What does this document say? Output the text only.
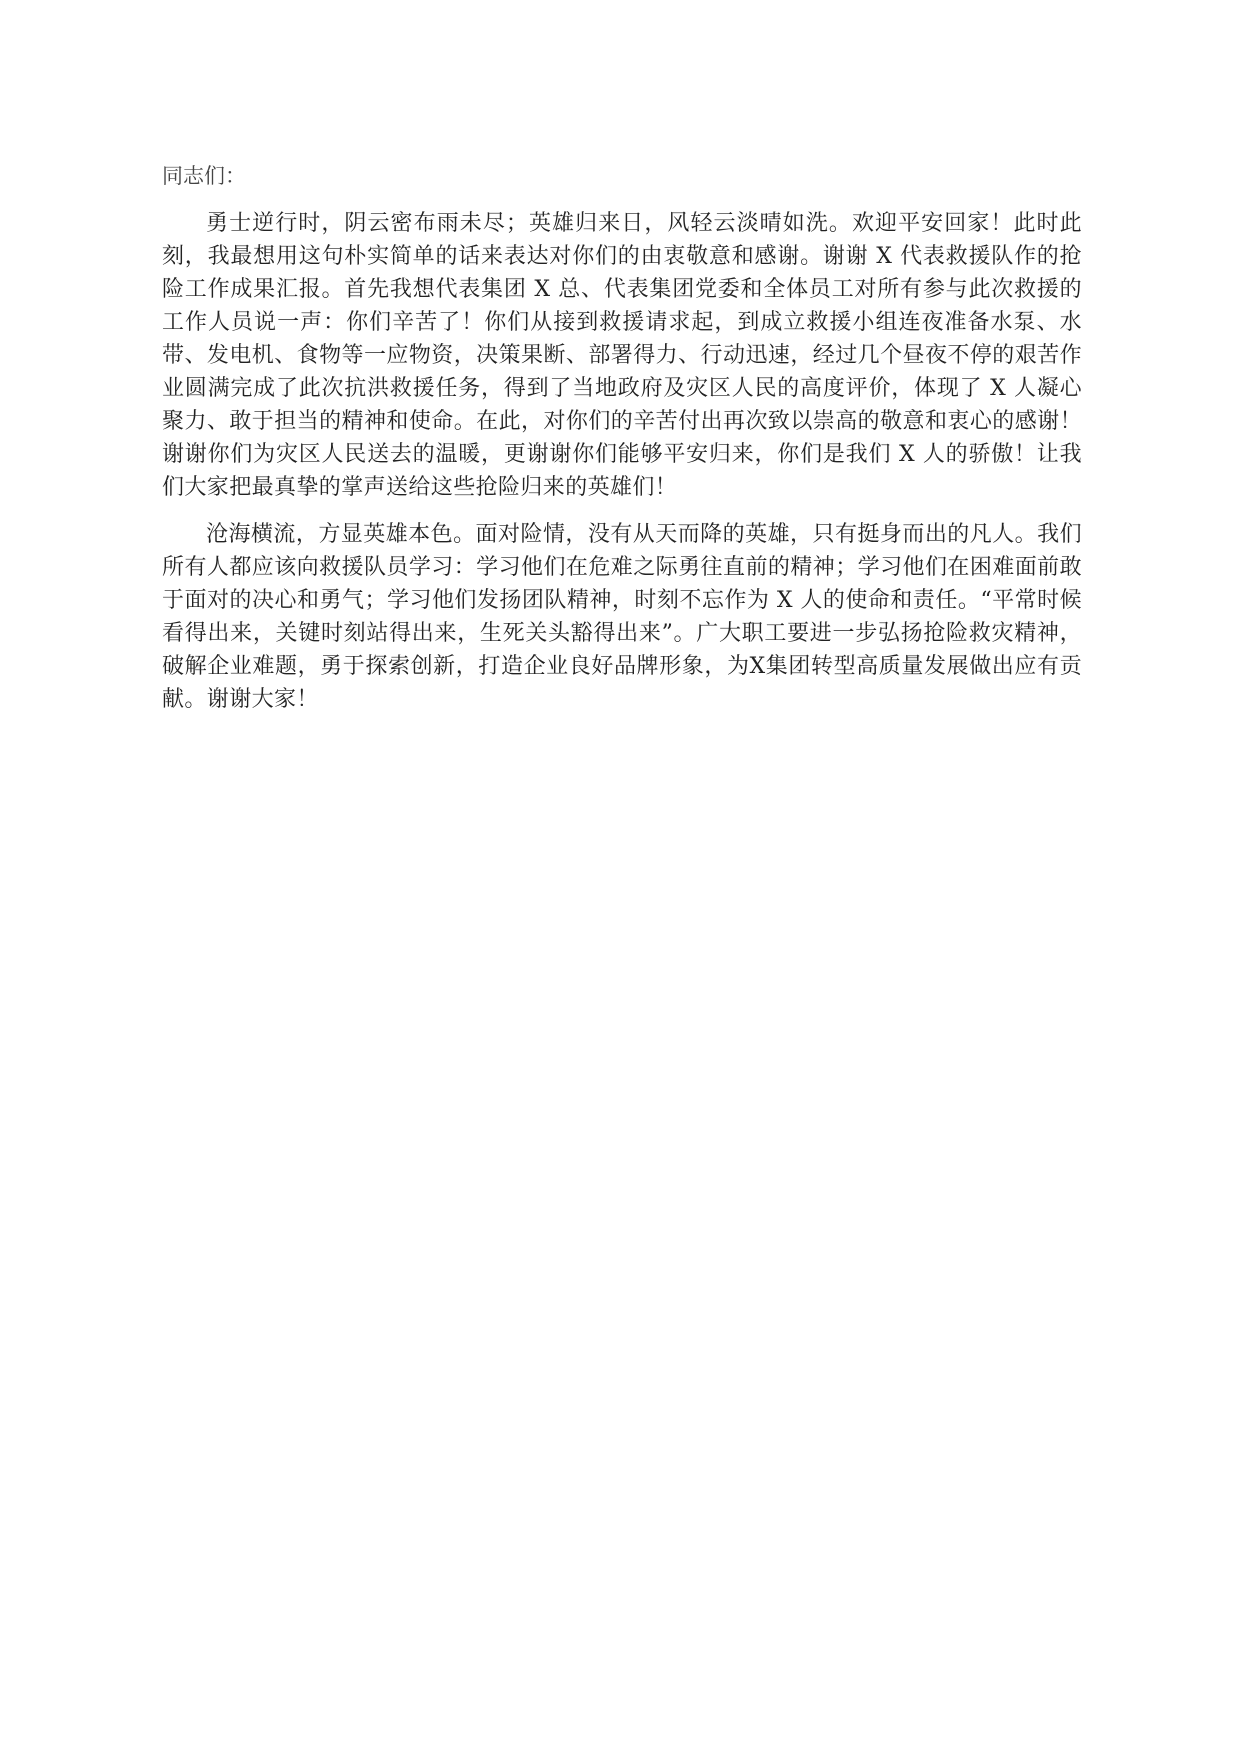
同志们：

勇士逆行时，阴云密布雨未尽；英雄归来日，风轻云淡晴如洗。欢迎平安回家！此时此刻，我最想用这句朴实简单的话来表达对你们的由衷敬意和感谢。谢谢 X 代表救援队作的抢险工作成果汇报。首先我想代表集团 X 总、代表集团党委和全体员工对所有参与此次救援的工作人员说一声：你们辛苦了！你们从接到救援请求起，到成立救援小组连夜准备水泵、水带、发电机、食物等一应物资，决策果断、部署得力、行动迅速，经过几个昼夜不停的艰苦作业圆满完成了此次抗洪救援任务，得到了当地政府及灾区人民的高度评价，体现了 X 人凝心聚力、敢于担当的精神和使命。在此，对你们的辛苦付出再次致以崇高的敬意和衷心的感谢！谢谢你们为灾区人民送去的温暖，更谢谢你们能够平安归来，你们是我们 X 人的骄傲！让我们大家把最真挚的掌声送给这些抢险归来的英雄们！

沧海横流，方显英雄本色。面对险情，没有从天而降的英雄，只有挺身而出的凡人。我们所有人都应该向救援队员学习：学习他们在危难之际勇往直前的精神；学习他们在困难面前敢于面对的决心和勇气；学习他们发扬团队精神，时刻不忘作为 X 人的使命和责任。“平常时候看得出来，关键时刻站得出来，生死关头豁得出来”。广大职工要进一步弘扬抢险救灾精神，破解企业难题，勇于探索创新，打造企业良好品牌形象，为X集团转型高质量发展做出应有贡献。谢谢大家！
